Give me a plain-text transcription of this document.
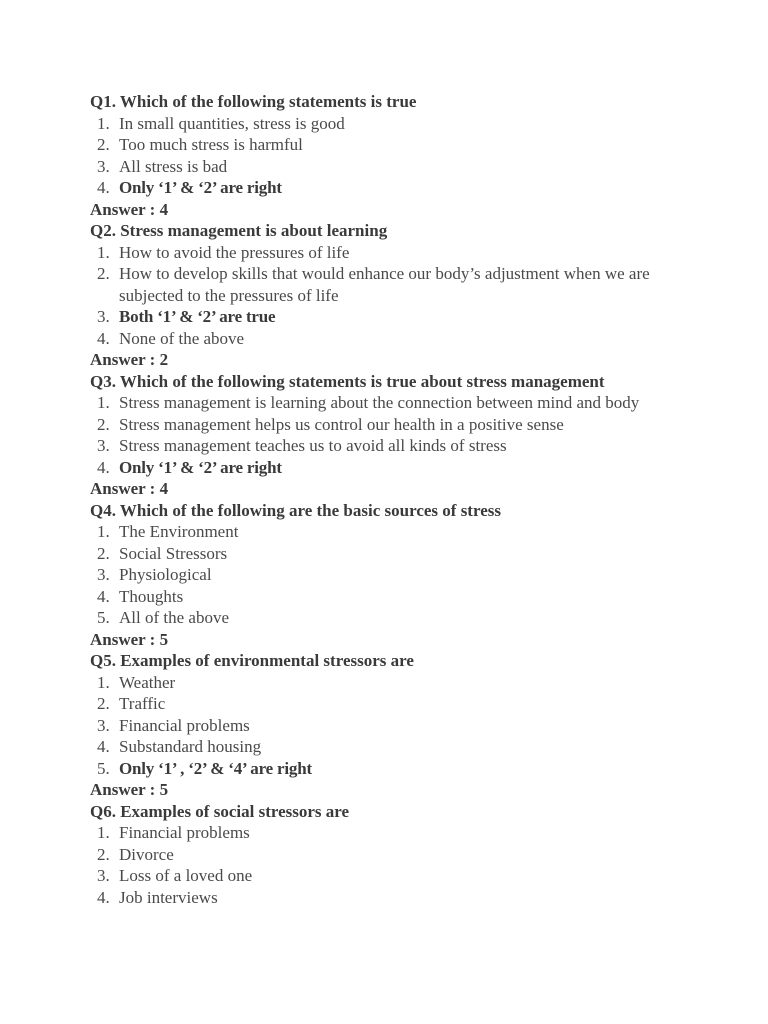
Q1. Which of the following statements is true

1. In small quantities, stress is good
2. Too much stress is harmful
3. All stress is bad
4. Only ‘1’ & ‘2’ are right

Answer : 4

Q2. Stress management is about learning

1. How to avoid the pressures of life
2. How to develop skills that would enhance our body’s adjustment when we are subjected to the pressures of life
3. Both ‘1’ & ‘2’ are true
4. None of the above

Answer : 2

Q3. Which of the following statements is true about stress management

1. Stress management is learning about the connection between mind and body
2. Stress management helps us control our health in a positive sense
3. Stress management teaches us to avoid all kinds of stress
4. Only ‘1’ & ‘2’ are right

Answer : 4

Q4. Which of the following are the basic sources of stress

1. The Environment
2. Social Stressors
3. Physiological
4. Thoughts
5. All of the above

Answer : 5

Q5. Examples of environmental stressors are

1. Weather
2. Traffic
3. Financial problems
4. Substandard housing
5. Only ‘1’ , ‘2’ & ‘4’ are right

Answer : 5

Q6. Examples of social stressors are

1. Financial problems
2. Divorce
3. Loss of a loved one
4. Job interviews
